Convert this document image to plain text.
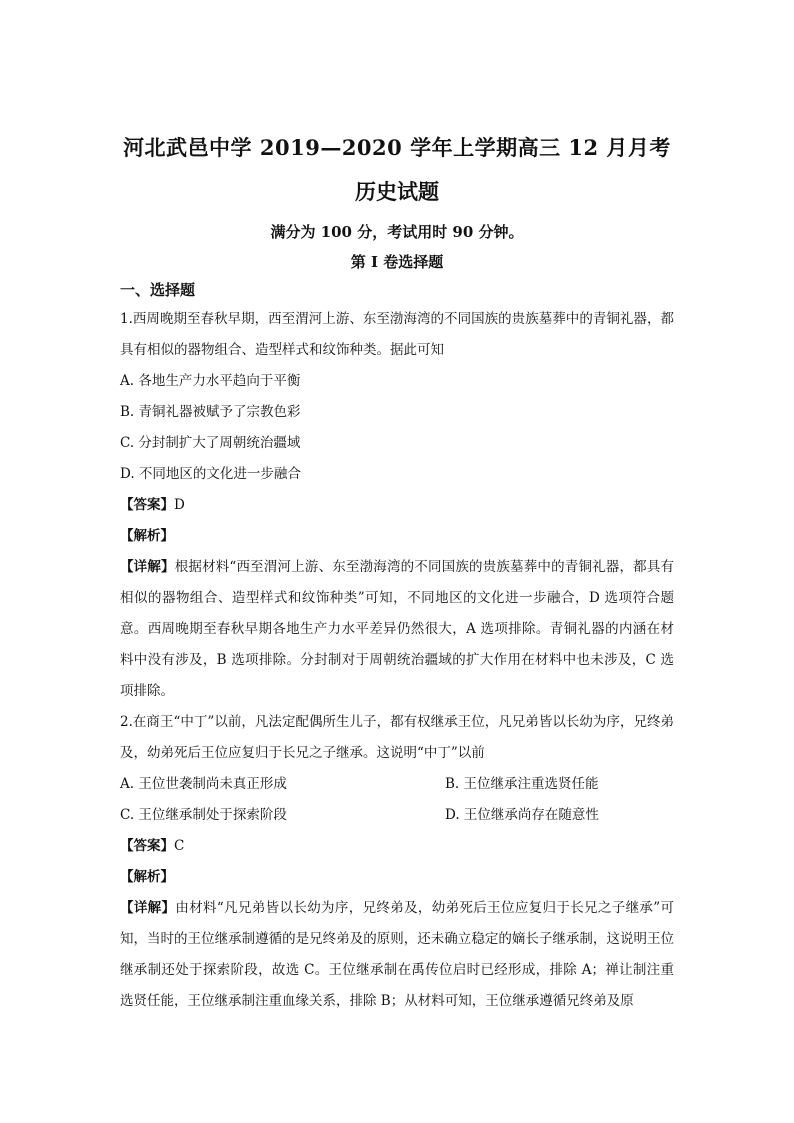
河北武邑中学 2019—2020 学年上学期高三 12 月月考
历史试题
满分为 100 分，考试用时 90 分钟。
第 I 卷选择题
一、选择题

1.西周晚期至春秋早期，西至渭河上游、东至渤海湾的不同国族的贵族墓葬中的青铜礼器，都具有相似的器物组合、造型样式和纹饰种类。据此可知

A. 各地生产力水平趋向于平衡

B. 青铜礼器被赋予了宗教色彩

C. 分封制扩大了周朝统治疆域

D. 不同地区的文化进一步融合

【答案】D

【解析】

【详解】根据材料“西至渭河上游、东至渤海湾的不同国族的贵族墓葬中的青铜礼器，都具有相似的器物组合、造型样式和纹饰种类”可知，不同地区的文化进一步融合，D 选项符合题意。西周晚期至春秋早期各地生产力水平差异仍然很大，A 选项排除。青铜礼器的内涵在材料中没有涉及，B 选项排除。分封制对于周朝统治疆域的扩大作用在材料中也未涉及，C 选项排除。

2.在商王“中丁”以前，凡法定配偶所生儿子，都有权继承王位，凡兄弟皆以长幼为序，兄终弟及，幼弟死后王位应复归于长兄之子继承。这说明“中丁”以前

A. 王位世袭制尚未真正形成	B. 王位继承注重选贤任能
C. 王位继承制处于探索阶段	D. 王位继承尚存在随意性

【答案】C

【解析】

【详解】由材料“凡兄弟皆以长幼为序，兄终弟及，幼弟死后王位应复归于长兄之子继承”可知，当时的王位继承制遵循的是兄终弟及的原则，还未确立稳定的嫡长子继承制，这说明王位继承制还处于探索阶段，故选 C。王位继承制在禹传位启时已经形成，排除 A；禅让制注重选贤任能，王位继承制注重血缘关系，排除 B；从材料可知，王位继承遵循兄终弟及原
